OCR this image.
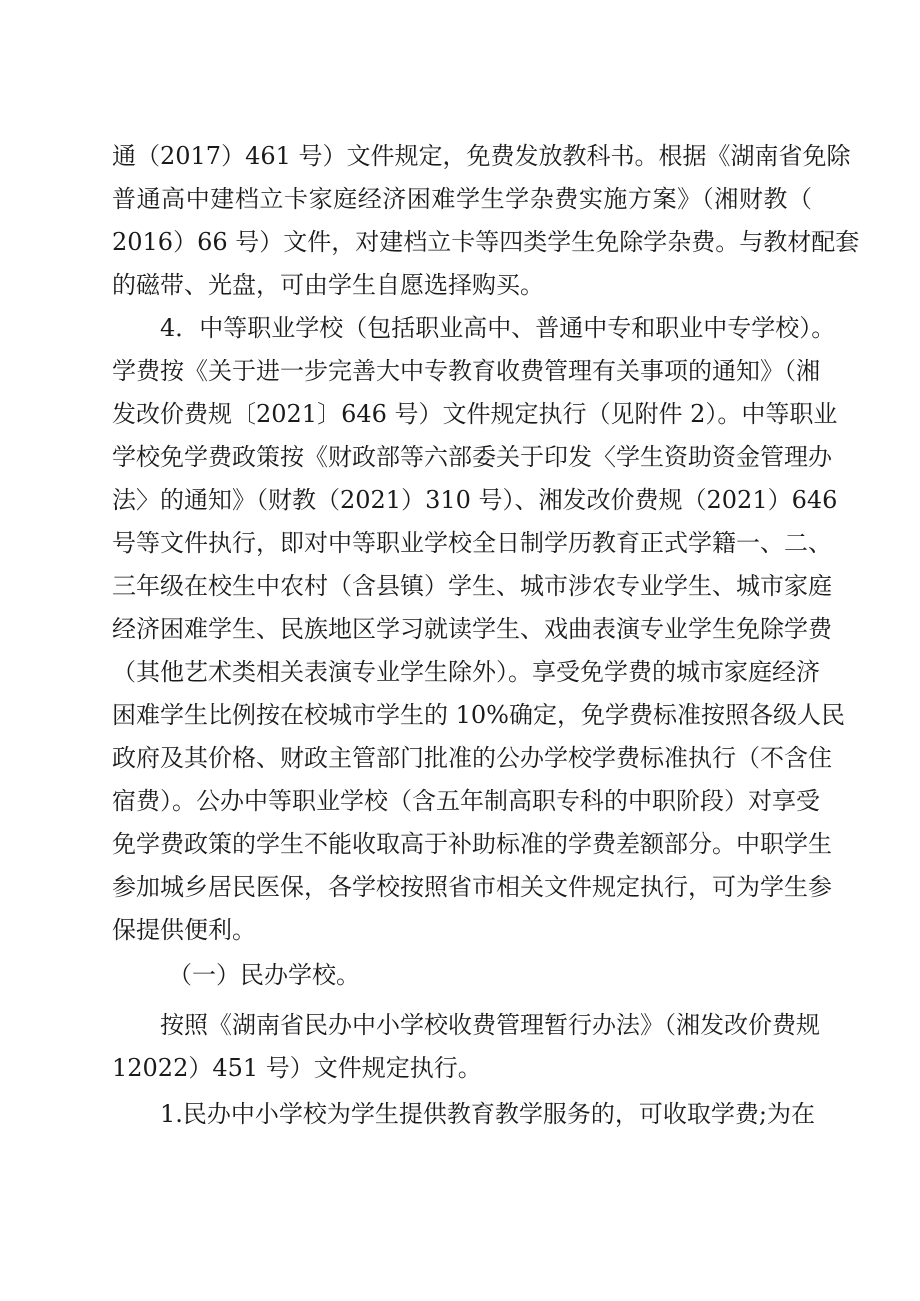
通（2017）461 号）文件规定，免费发放教科书。根据《湖南省免除
普通高中建档立卡家庭经济困难学生学杂费实施方案》（湘财教（
2016）66 号）文件，对建档立卡等四类学生免除学杂费。与教材配套
的磁带、光盘，可由学生自愿选择购买。
4．中等职业学校（包括职业高中、普通中专和职业中专学校）。
学费按《关于进一步完善大中专教育收费管理有关事项的通知》（湘
发改价费规〔2021〕646 号）文件规定执行（见附件 2）。中等职业
学校免学费政策按《财政部等六部委关于印发〈学生资助资金管理办
法〉的通知》（财教（2021）310 号）、湘发改价费规（2021）646
号等文件执行，即对中等职业学校全日制学历教育正式学籍一、二、
三年级在校生中农村（含县镇）学生、城市涉农专业学生、城市家庭
经济困难学生、民族地区学习就读学生、戏曲表演专业学生免除学费
（其他艺术类相关表演专业学生除外）。享受免学费的城市家庭经济
困难学生比例按在校城市学生的 10%确定，免学费标准按照各级人民
政府及其价格、财政主管部门批准的公办学校学费标准执行（不含住
宿费）。公办中等职业学校（含五年制高职专科的中职阶段）对享受
免学费政策的学生不能收取高于补助标准的学费差额部分。中职学生
参加城乡居民医保，各学校按照省市相关文件规定执行，可为学生参
保提供便利。
（一）民办学校。
按照《湖南省民办中小学校收费管理暂行办法》（湘发改价费规
12022）451 号）文件规定执行。
1.民办中小学校为学生提供教育教学服务的，可收取学费;为在
